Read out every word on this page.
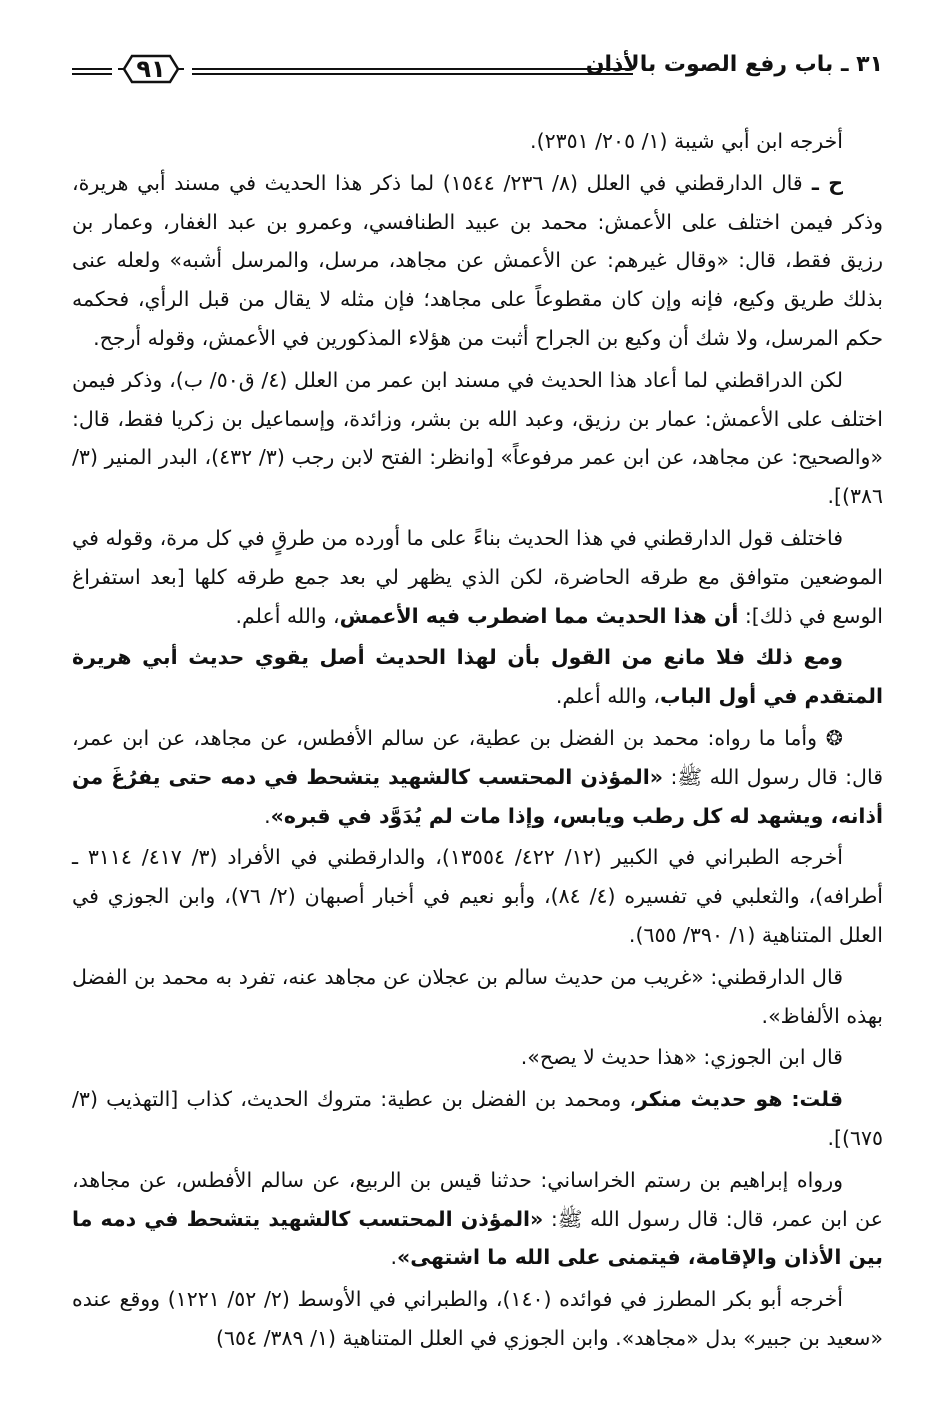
٣١ ـ باب رفع الصوت بالأذان
٩١

أخرجه ابن أبي شيبة (١/ ٢٠٥/ ٢٣٥١).

ح ـ قال الدارقطني في العلل (٨/ ٢٣٦/ ١٥٤٤) لما ذكر هذا الحديث في مسند أبي هريرة، وذكر فيمن اختلف على الأعمش: محمد بن عبيد الطنافسي، وعمرو بن عبد الغفار، وعمار بن رزيق فقط، قال: «وقال غيرهم: عن الأعمش عن مجاهد، مرسل، والمرسل أشبه» ولعله عنى بذلك طريق وكيع، فإنه وإن كان مقطوعاً على مجاهد؛ فإن مثله لا يقال من قبل الرأي، فحكمه حكم المرسل، ولا شك أن وكيع بن الجراح أثبت من هؤلاء المذكورين في الأعمش، وقوله أرجح.

لكن الدراقطني لما أعاد هذا الحديث في مسند ابن عمر من العلل (٤/ ق٥٠/ ب)، وذكر فيمن اختلف على الأعمش: عمار بن رزيق، وعبد الله بن بشر، وزائدة، وإسماعيل بن زكريا فقط، قال: «والصحيح: عن مجاهد، عن ابن عمر مرفوعاً» [وانظر: الفتح لابن رجب (٣/ ٤٣٢)، البدر المنير (٣/ ٣٨٦)].

فاختلف قول الدارقطني في هذا الحديث بناءً على ما أورده من طرقٍ في كل مرة، وقوله في الموضعين متوافق مع طرقه الحاضرة، لكن الذي يظهر لي بعد جمع طرقه كلها [بعد استفراغ الوسع في ذلك]: أن هذا الحديث مما اضطرب فيه الأعمش، والله أعلم.

ومع ذلك فلا مانع من القول بأن لهذا الحديث أصل يقوي حديث أبي هريرة المتقدم في أول الباب، والله أعلم.

❂ وأما ما رواه: محمد بن الفضل بن عطية، عن سالم الأفطس، عن مجاهد، عن ابن عمر، قال: قال رسول الله ﷺ: «المؤذن المحتسب كالشهيد يتشحط في دمه حتى يفرُغَ من أذانه، ويشهد له كل رطب ويابس، وإذا مات لم يُدَوَّد في قبره».

أخرجه الطبراني في الكبير (١٢/ ٤٢٢/ ١٣٥٥٤)، والدارقطني في الأفراد (٣/ ٤١٧/ ٣١١٤ ـ أطرافه)، والثعلبي في تفسيره (٤/ ٨٤)، وأبو نعيم في أخبار أصبهان (٢/ ٧٦)، وابن الجوزي في العلل المتناهية (١/ ٣٩٠/ ٦٥٥).

قال الدارقطني: «غريب من حديث سالم بن عجلان عن مجاهد عنه، تفرد به محمد بن الفضل بهذه الألفاظ».

قال ابن الجوزي: «هذا حديث لا يصح».

قلت: هو حديث منكر، ومحمد بن الفضل بن عطية: متروك الحديث، كذاب [التهذيب (٣/ ٦٧٥)].

ورواه إبراهيم بن رستم الخراساني: حدثنا قيس بن الربيع، عن سالم الأفطس، عن مجاهد، عن ابن عمر، قال: قال رسول الله ﷺ: «المؤذن المحتسب كالشهيد يتشحط في دمه ما بين الأذان والإقامة، فيتمنى على الله ما اشتهى».

أخرجه أبو بكر المطرز في فوائده (١٤٠)، والطبراني في الأوسط (٢/ ٥٢/ ١٢٢١) ووقع عنده «سعيد بن جبير» بدل «مجاهد». وابن الجوزي في العلل المتناهية (١/ ٣٨٩/ ٦٥٤)
